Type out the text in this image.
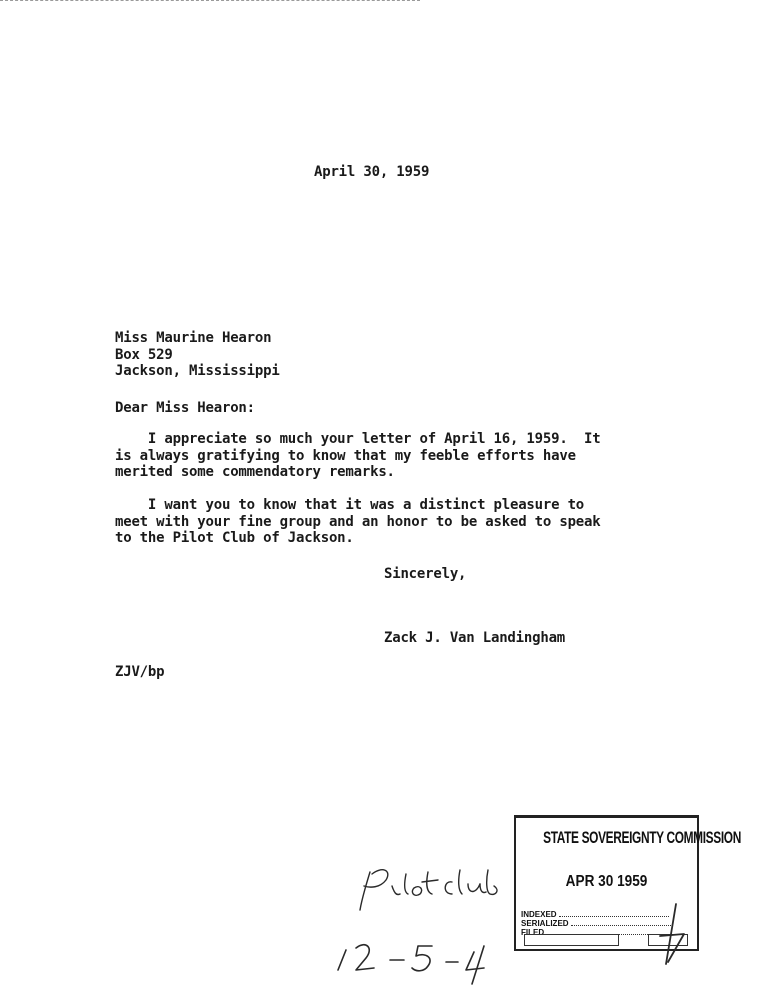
April 30, 1959
Miss Maurine Hearon
Box 529
Jackson, Mississippi
Dear Miss Hearon:
I appreciate so much your letter of April 16, 1959.  It
is always gratifying to know that my feeble efforts have
merited some commendatory remarks.
I want you to know that it was a distinct pleasure to
meet with your fine group and an honor to be asked to speak
to the Pilot Club of Jackson.
Sincerely,
Zack J. Van Landingham
ZJV/bp
STATE SOVEREIGNTY COMMISSION
APR 30 1959
INDEXED
SERIALIZED
FILED
